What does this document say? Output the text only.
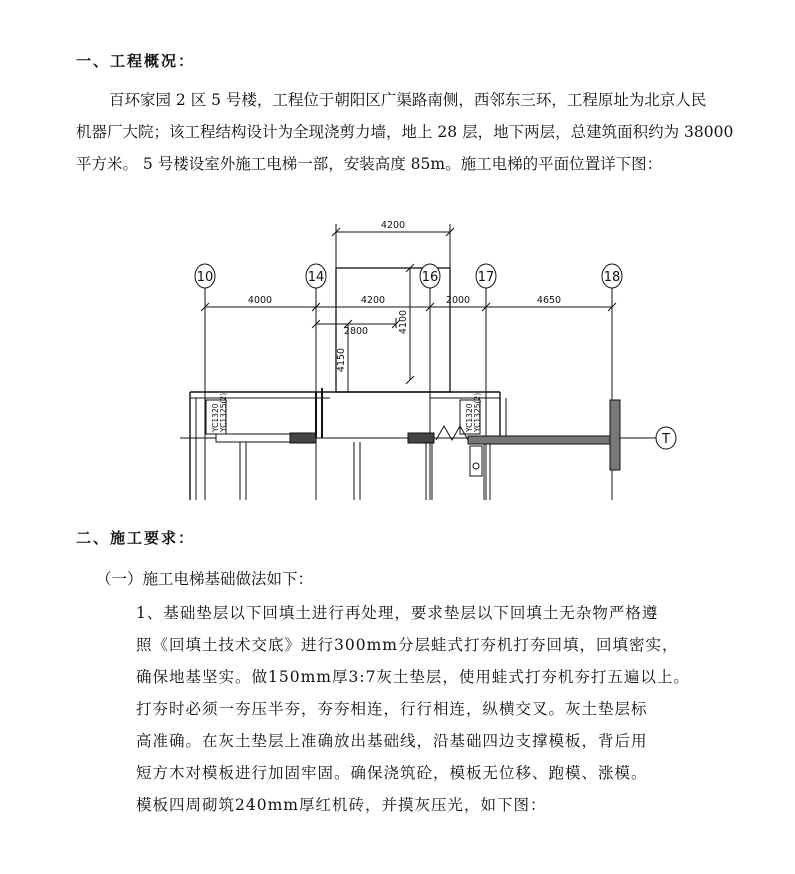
一、工程概况：
百环家园 2 区 5 号楼，工程位于朝阳区广渠路南侧，西邻东三环，工程原址为北京人民
机器厂大院；该工程结构设计为全现浇剪力墙，地上 28 层，地下两层，总建筑面积约为 38000
平方米。 5 号楼设室外施工电梯一部，安装高度 85m。施工电梯的平面位置详下图：
10	14	16	17	18
T
4200
4000	4200	2000	4650
2800	4100
4150
YC1320 YC1325(2)	YC1320 YC1325(2)
二、施工要求：
（一）施工电梯基础做法如下：
1、基础垫层以下回填土进行再处理，要求垫层以下回填土无杂物严格遵
照《回填土技术交底》进行300mm分层蛙式打夯机打夯回填，回填密实，
确保地基坚实。做150mm厚3:7灰土垫层，使用蛙式打夯机夯打五遍以上。
打夯时必须一夯压半夯，夯夯相连，行行相连，纵横交叉。灰土垫层标
高准确。在灰土垫层上准确放出基础线，沿基础四边支撑模板，背后用
短方木对模板进行加固牢固。确保浇筑砼，模板无位移、跑模、涨模。
模板四周砌筑240mm厚红机砖，并摸灰压光，如下图：
